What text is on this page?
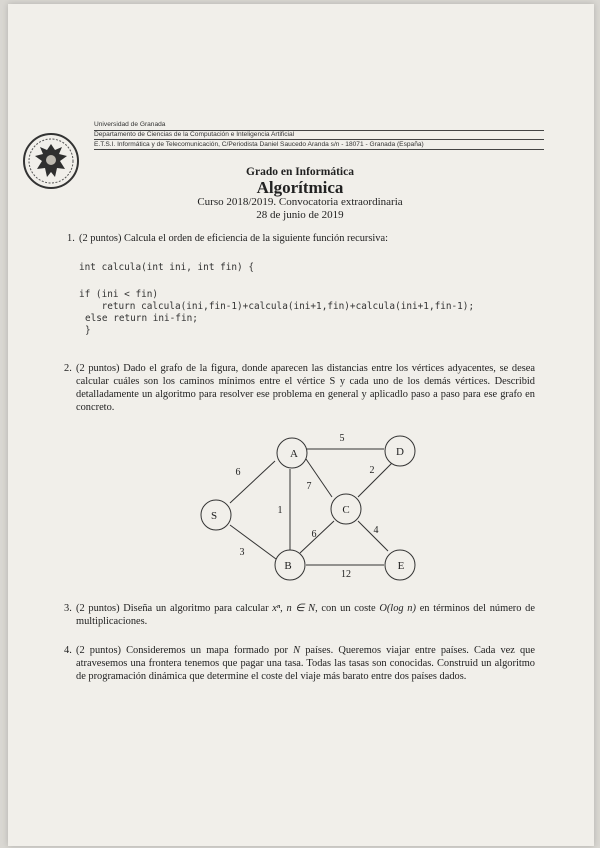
Universidad de Granada
Departamento de Ciencias de la Computación e Inteligencia Artificial
E.T.S.I. Informática y de Telecomunicación, C/Periodista Daniel Saucedo Aranda s/n - 18071 - Granada (España)
Grado en Informática
Algorítmica
Curso 2018/2019. Convocatoria extraordinaria
28 de junio de 2019
1. (2 puntos) Calcula el orden de eficiencia de la siguiente función recursiva:
int calcula(int ini, int fin) {
if (ini < fin)
return calcula(ini,fin-1)+calcula(ini+1,fin)+calcula(ini+1,fin-1);
else return ini-fin;
}
2. (2 puntos) Dado el grafo de la figura, donde aparecen las distancias entre los vértices adyacentes, se desea calcular cuáles son los caminos mínimos entre el vértice S y cada uno de los demás vértices. Describid detalladamente un algoritmo para resolver ese problema en general y aplicadlo paso a paso para ese grafo en concreto.
S
A	D
C
B	E
6
5
7
2
1
3
6	4
12
3. (2 puntos) Diseña un algoritmo para calcular xⁿ, n ∈ N, con un coste O(log n) en términos del número de multiplicaciones.
4. (2 puntos) Consideremos un mapa formado por N países. Queremos viajar entre países. Cada vez que atravesemos una frontera tenemos que pagar una tasa. Todas las tasas son conocidas. Construid un algoritmo de programación dinámica que determine el coste del viaje más barato entre dos países dados.
